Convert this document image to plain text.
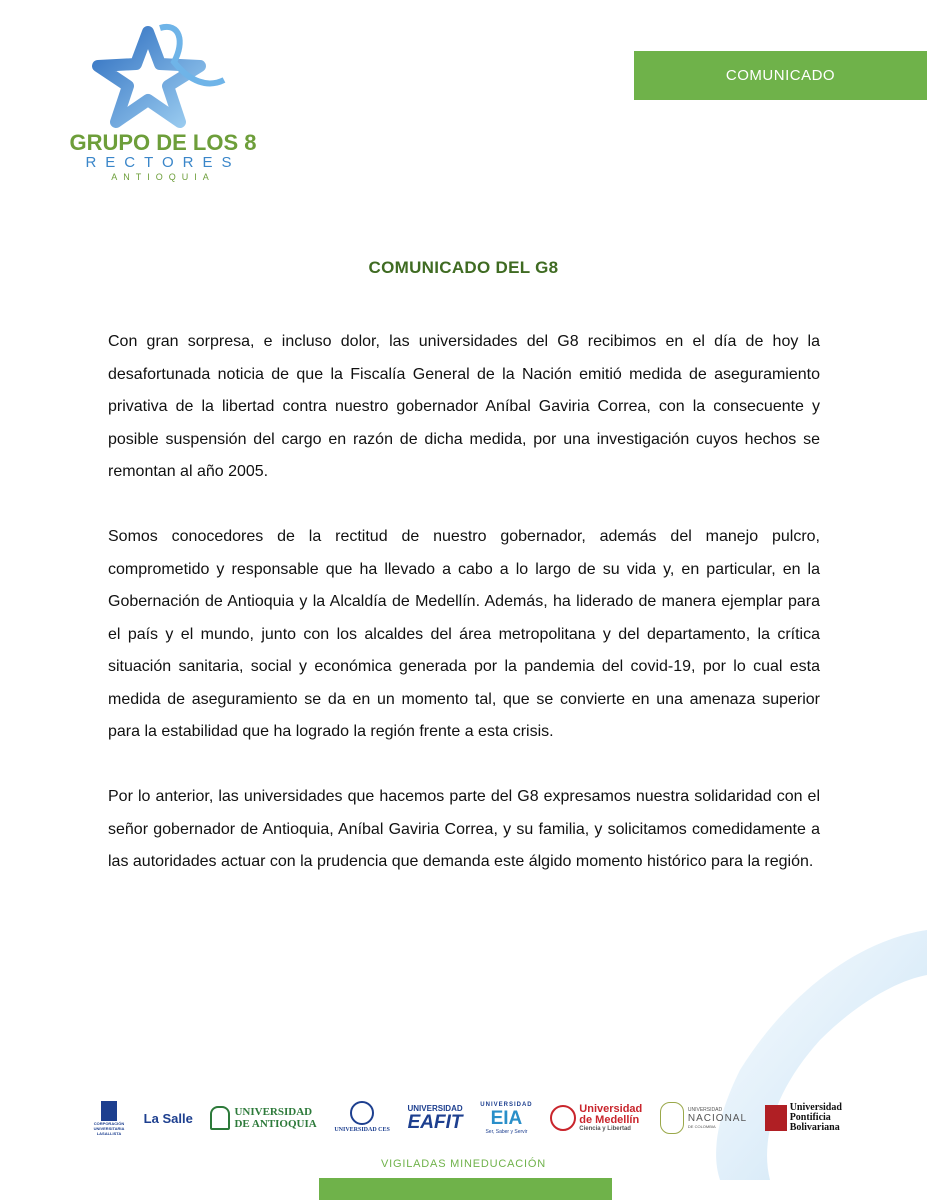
GRUPO DE LOS 8
RECTORES
ANTIOQUIA
COMUNICADO
COMUNICADO DEL G8

Con gran sorpresa, e incluso dolor, las universidades del G8 recibimos en el día de hoy la desafortunada noticia de que la Fiscalía General de la Nación emitió medida de aseguramiento privativa de la libertad contra nuestro gobernador Aníbal Gaviria Correa, con la consecuente y posible suspensión del cargo en razón de dicha medida, por una investigación cuyos hechos se remontan al año 2005.

Somos conocedores de la rectitud de nuestro gobernador, además del manejo pulcro, comprometido y responsable que ha llevado a cabo a lo largo de su vida y, en particular, en la Gobernación de Antioquia y la Alcaldía de Medellín. Además, ha liderado de manera ejemplar para el país y el mundo, junto con los alcaldes del área metropolitana y del departamento, la crítica situación sanitaria, social y económica generada por la pandemia del covid-19, por lo cual esta medida de aseguramiento se da en un momento tal, que se convierte en una amenaza superior para la estabilidad que ha logrado la región frente a esta crisis.

Por lo anterior, las universidades que hacemos parte del G8 expresamos nuestra solidaridad con el señor gobernador de Antioquia, Aníbal Gaviria Correa, y su familia, y solicitamos comedidamente a las autoridades actuar con la prudencia que demanda este álgido momento histórico para la región.

CORPORACIÓN UNIVERSITARIA LASALLISTA
La Salle	UNIVERSIDAD
DE ANTIOQUIA	UNIVERSIDAD CES
UNIVERSIDAD
EAFIT
UNIVERSIDAD
EIA
Ser, Saber y Servir
Universidad
de Medellín
Ciencia y Libertad
UNIVERSIDAD
NACIONAL
DE COLOMBIA
Universidad
Pontificia
Bolivariana
VIGILADAS MINEDUCACIÓN
